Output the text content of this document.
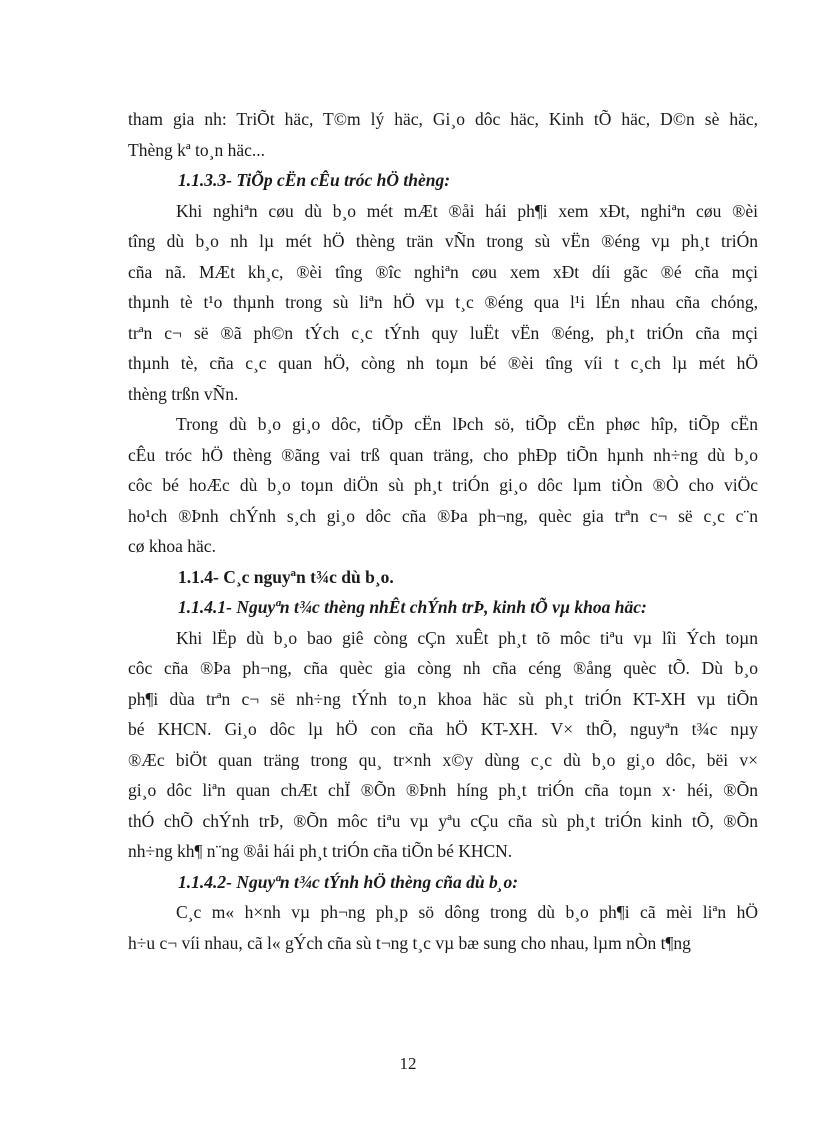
tham gia nh: TriÕt häc, T©m lý häc, Gi¸o dôc häc, Kinh tÕ häc, D©n sè häc,
Thèng kª to¸n häc...

1.1.3.3- TiÕp cËn cÊu tróc hÖ thèng:

Khi nghiªn cøu dù b¸o mét mÆt ®åi hái ph¶i xem xÐt, nghiªn cøu ®èi
tîng dù b¸o nh lµ mét hÖ thèng trän vÑn trong sù vËn ®éng vµ ph¸t triÓn
cña nã. MÆt kh¸c, ®èi tîng ®îc nghiªn cøu xem xÐt díi gãc ®é cña mçi
thµnh tè t¹o thµnh trong sù liªn hÖ vµ t¸c ®éng qua l¹i lÉn nhau cña chóng,
trªn c¬ së ®ã ph©n tÝch c¸c tÝnh quy luËt vËn ®éng, ph¸t triÓn cña mçi
thµnh tè, cña c¸c quan hÖ, còng nh toµn bé ®èi tîng víi t c¸ch lµ mét hÖ
thèng trßn vÑn.

Trong dù b¸o gi¸o dôc, tiÕp cËn lÞch sö, tiÕp cËn phøc hîp, tiÕp cËn
cÊu tróc hÖ thèng ®ãng vai trß quan träng, cho phÐp tiÕn hµnh nh÷ng dù b¸o
côc bé hoÆc dù b¸o toµn diÖn sù ph¸t triÓn gi¸o dôc lµm tiÒn ®Ò cho viÖc
ho¹ch ®Þnh chÝnh s¸ch gi¸o dôc cña ®Þa ph¬ng, quèc gia trªn c¬ së c¸c c¨n
cø khoa häc.

1.1.4- C¸c nguyªn t¾c dù b¸o.

1.1.4.1- Nguyªn t¾c thèng nhÊt chÝnh trÞ, kinh tÕ vµ khoa häc:

Khi lËp dù b¸o bao giê còng cÇn xuÊt ph¸t tõ môc tiªu vµ lîi Ých toµn
côc cña ®Þa ph¬ng, cña quèc gia còng nh cña céng ®ång quèc tÕ. Dù b¸o
ph¶i dùa trªn c¬ së nh÷ng tÝnh to¸n khoa häc sù ph¸t triÓn KT-XH vµ tiÕn
bé KHCN. Gi¸o dôc lµ hÖ con cña hÖ KT-XH. V× thÕ, nguyªn t¾c nµy
®Æc biÖt quan träng trong qu¸ tr×nh x©y dùng c¸c dù b¸o gi¸o dôc, bëi v×
gi¸o dôc liªn quan chÆt chÏ ®Õn ®Þnh híng ph¸t triÓn cña toµn x· héi, ®Õn
thÓ chÕ chÝnh trÞ, ®Õn môc tiªu vµ yªu cÇu cña sù ph¸t triÓn kinh tÕ, ®Õn
nh÷ng kh¶ n¨ng ®åi hái ph¸t triÓn cña tiÕn bé KHCN.

1.1.4.2- Nguyªn t¾c tÝnh hÖ thèng cña dù b¸o:

C¸c m« h×nh vµ ph¬ng ph¸p sö dông trong dù b¸o ph¶i cã mèi liªn hÖ
h÷u c¬ víi nhau, cã l« gÝch cña sù t¬ng t¸c vµ bæ sung cho nhau, lµm nÒn t¶ng

12
